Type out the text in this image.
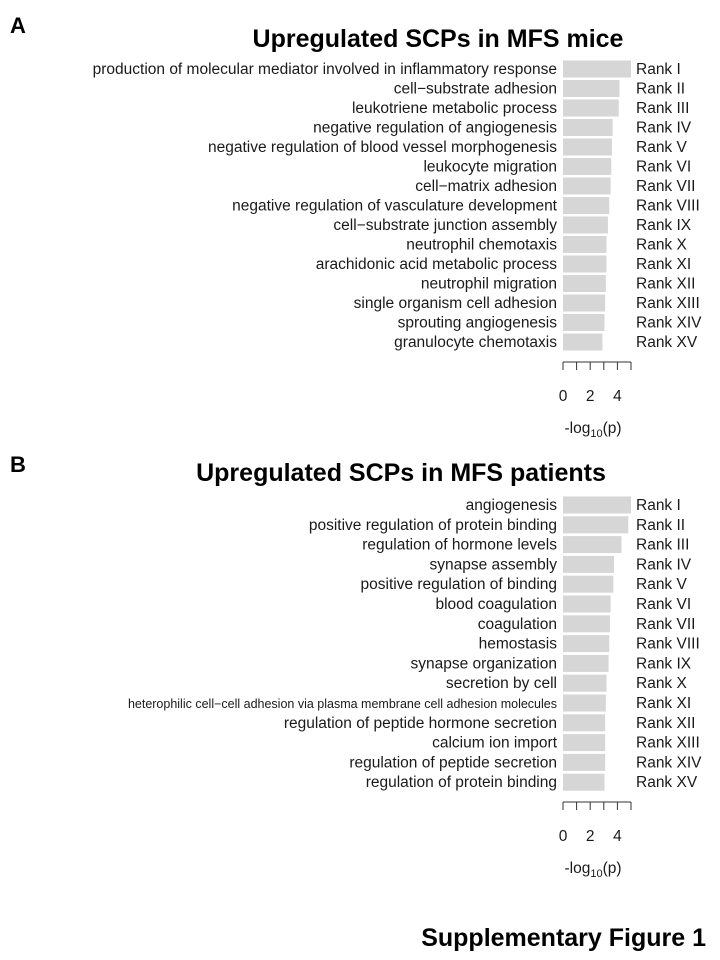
A	Upregulated SCPs in MFS mice
production of molecular mediator involved in inflammatory response	Rank I
cell−substrate adhesion	Rank II
leukotriene metabolic process	Rank III
negative regulation of angiogenesis	Rank IV
negative regulation of blood vessel morphogenesis	Rank V
leukocyte migration	Rank VI
cell−matrix adhesion	Rank VII
negative regulation of vasculature development	Rank VIII
cell−substrate junction assembly	Rank IX
neutrophil chemotaxis	Rank X
arachidonic acid metabolic process	Rank XI
neutrophil migration	Rank XII
single organism cell adhesion	Rank XIII
sprouting angiogenesis	Rank XIV
granulocyte chemotaxis	Rank XV
0 2 4
$-\log_{10}(p)$
B	Upregulated SCPs in MFS patients
angiogenesis	Rank I
positive regulation of protein binding	Rank II
regulation of hormone levels	Rank III
synapse assembly	Rank IV
positive regulation of binding	Rank V
blood coagulation	Rank VI
coagulation	Rank VII
hemostasis	Rank VIII
synapse organization	Rank IX
secretion by cell	Rank X
heterophilic cell−cell adhesion via plasma membrane cell adhesion molecules	Rank XI
regulation of peptide hormone secretion	Rank XII
calcium ion import	Rank XIII
regulation of peptide secretion	Rank XIV
regulation of protein binding	Rank XV
0 2 4
$-\log_{10}(p)$
Supplementary Figure 1
